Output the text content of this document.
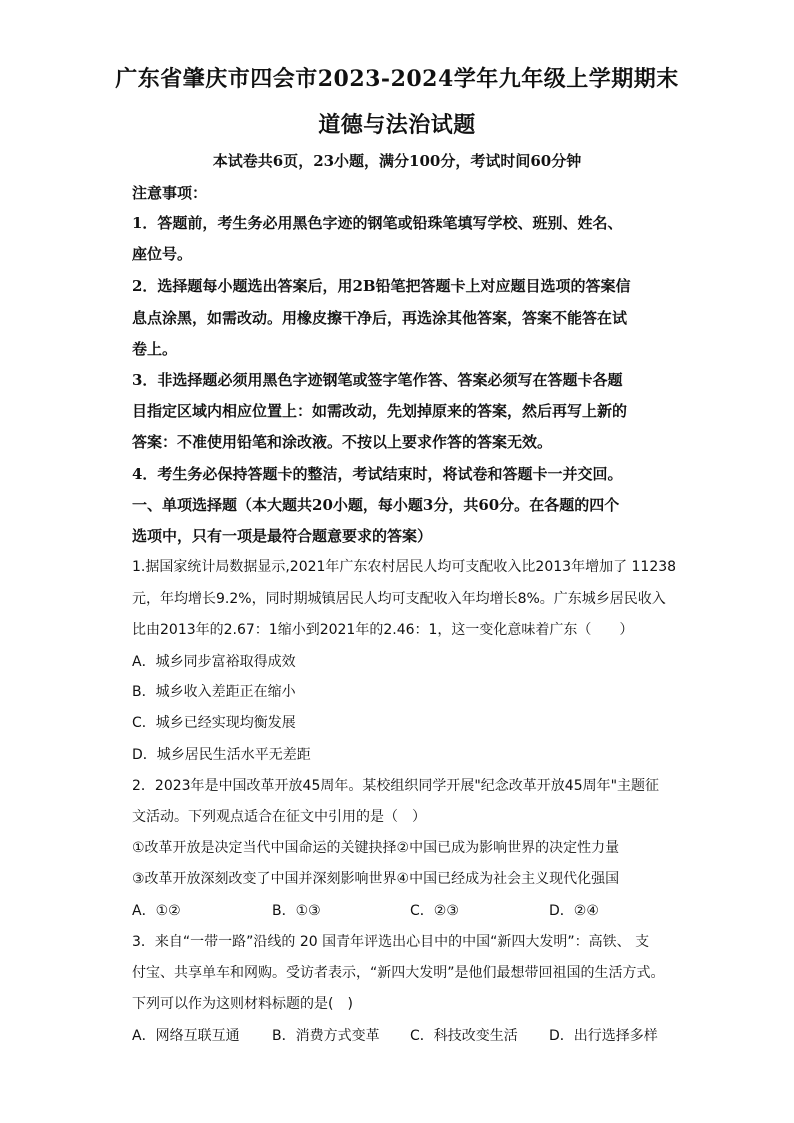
广东省肇庆市四会市2023-2024学年九年级上学期期末
道德与法治试题
本试卷共6页，23小题，满分100分，考试时间60分钟
注意事项：
1．答题前，考生务必用黑色字迹的钢笔或铅珠笔填写学校、班别、姓名、
座位号。
2．选择题每小题选出答案后，用2B铅笔把答题卡上对应题目选项的答案信
息点涂黑，如需改动。用橡皮擦干净后，再选涂其他答案，答案不能答在试
卷上。
3．非选择题必须用黑色字迹钢笔或签字笔作答、答案必须写在答题卡各题
目指定区域内相应位置上：如需改动，先划掉原来的答案，然后再写上新的
答案：不准使用铅笔和涂改液。不按以上要求作答的答案无效。
4．考生务必保持答题卡的整洁，考试结束时，将试卷和答题卡一并交回。
一、单项选择题（本大题共20小题，每小题3分，共60分。在各题的四个
选项中，只有一项是最符合题意要求的答案）
1.据国家统计局数据显示,2021年广东农村居民人均可支配收入比2013年增加了 11238
元，年均增长9.2%，同时期城镇居民人均可支配收入年均增长8%。广东城乡居民收入
比由2013年的2.67：1缩小到2021年的2.46：1，这一变化意味着广东（　　）
A．城乡同步富裕取得成效
B．城乡收入差距正在缩小
C．城乡已经实现均衡发展
D．城乡居民生活水平无差距
2．2023年是中国改革开放45周年。某校组织同学开展"纪念改革开放45周年"主题征
文活动。下列观点适合在征文中引用的是（　）
①改革开放是决定当代中国命运的关键抉择②中国已成为影响世界的决定性力量
③改革开放深刻改变了中国并深刻影响世界④中国已经成为社会主义现代化强国
A．①②	B．①③	C．②③	D．②④
3．来自“一带一路”沿线的 20 国青年评选出心目中的中国“新四大发明”：高铁、 支
付宝、共享单车和网购。受访者表示，“新四大发明”是他们最想带回祖国的生活方式。
下列可以作为这则材料标题的是(　)
A．网络互联互通 B．消费方式变革 C．科技改变生活 D．出行选择多样
